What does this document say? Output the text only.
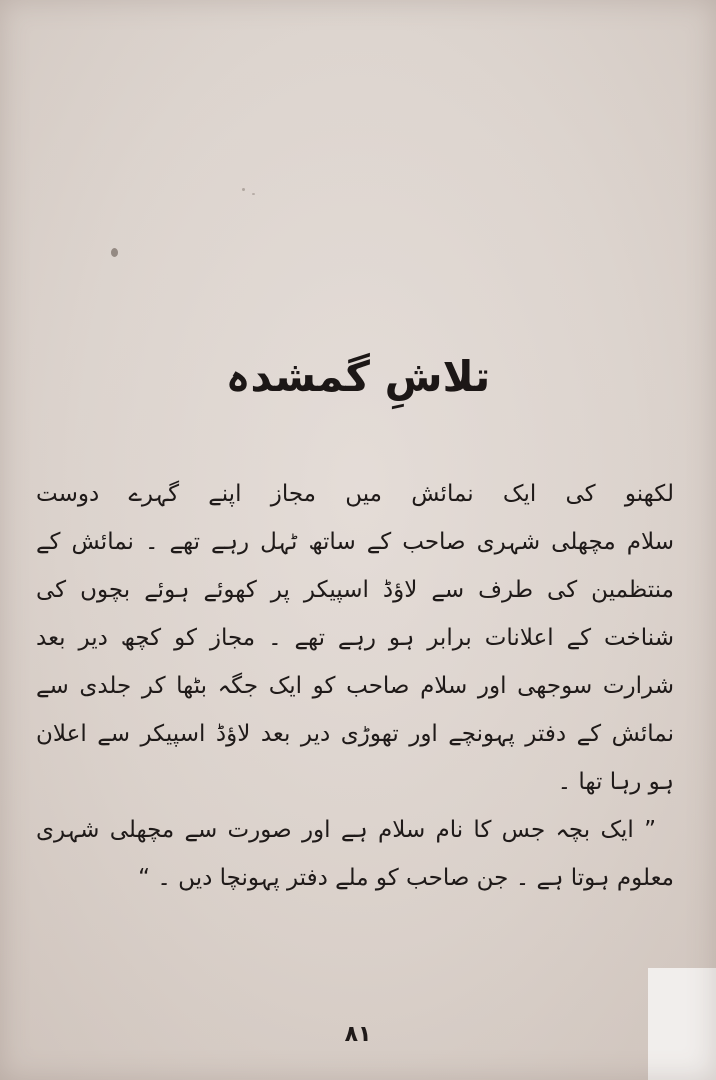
تلاشِ گمشدہ
لکھنو کی ایک نمائش میں مجاز اپنے گہرے دوست
سلام مچھلی شہری صاحب کے ساتھ ٹہل رہے تھے ۔ نمائش کے
منتظمین کی طرف سے لاؤڈ اسپیکر پر کھوئے ہوئے بچوں کی
شناخت کے اعلانات برابر ہو رہے تھے ۔ مجاز کو کچھ دیر بعد
شرارت سوجھی اور سلام صاحب کو ایک جگہ بٹھا کر جلدی سے
نمائش کے دفتر پہونچے اور تھوڑی دیر بعد لاؤڈ اسپیکر سے اعلان
ہو رہا تھا ۔
” ایک بچہ جس کا نام سلام ہے اور صورت سے مچھلی شہری
معلوم ہوتا ہے ۔ جن صاحب کو ملے دفتر پہونچا دیں ۔ “
۸۱
